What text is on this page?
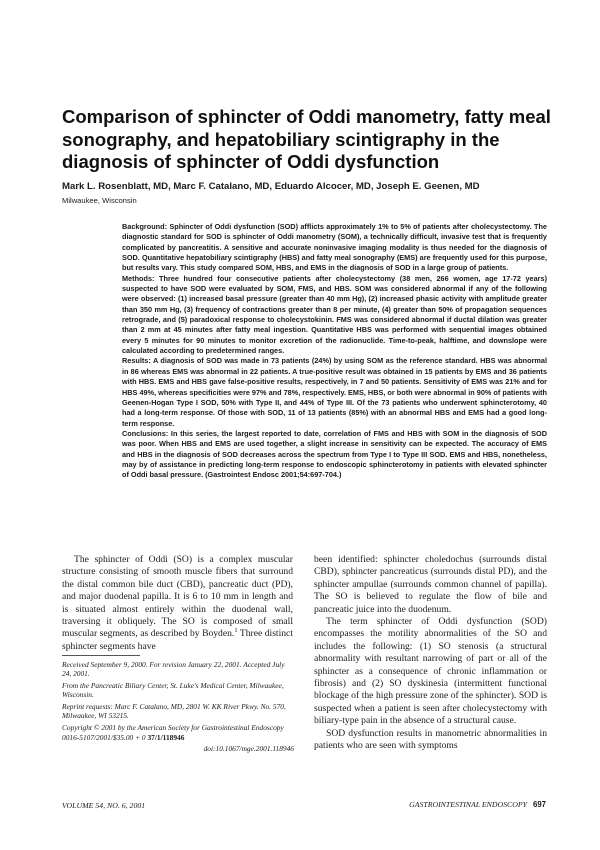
Comparison of sphincter of Oddi manometry, fatty meal sonography, and hepatobiliary scintigraphy in the diagnosis of sphincter of Oddi dysfunction

Mark L. Rosenblatt, MD, Marc F. Catalano, MD, Eduardo Alcocer, MD, Joseph E. Geenen, MD

Milwaukee, Wisconsin

Background: Sphincter of Oddi dysfunction (SOD) afflicts approximately 1% to 5% of patients after cholecystectomy. The diagnostic standard for SOD is sphincter of Oddi manometry (SOM), a technically difficult, invasive test that is frequently complicated by pancreatitis. A sensitive and accurate noninvasive imaging modality is thus needed for the diagnosis of SOD. Quantitative hepatobiliary scintigraphy (HBS) and fatty meal sonography (EMS) are frequently used for this purpose, but results vary. This study compared SOM, HBS, and EMS in the diagnosis of SOD in a large group of patients.

Methods: Three hundred four consecutive patients after cholecystectomy (38 men, 266 women, age 17-72 years) suspected to have SOD were evaluated by SOM, FMS, and HBS. SOM was considered abnormal if any of the following were observed: (1) increased basal pressure (greater than 40 mm Hg), (2) increased phasic activity with amplitude greater than 350 mm Hg, (3) frequency of contractions greater than 8 per minute, (4) greater than 50% of propagation sequences retrograde, and (5) paradoxical response to cholecystokinin. FMS was considered abnormal if ductal dilation was greater than 2 mm at 45 minutes after fatty meal ingestion. Quantitative HBS was performed with sequential images obtained every 5 minutes for 90 minutes to monitor excretion of the radionuclide. Time-to-peak, halftime, and downslope were calculated according to predetermined ranges.

Results: A diagnosis of SOD was made in 73 patients (24%) by using SOM as the reference standard. HBS was abnormal in 86 whereas EMS was abnormal in 22 patients. A true-positive result was obtained in 15 patients by EMS and 36 patients with HBS. EMS and HBS gave false-positive results, respectively, in 7 and 50 patients. Sensitivity of EMS was 21% and for HBS 49%, whereas specificities were 97% and 78%, respectively. EMS, HBS, or both were abnormal in 90% of patients with Geenen-Hogan Type I SOD, 50% with Type II, and 44% of Type III. Of the 73 patients who underwent sphincterotomy, 40 had a long-term response. Of those with SOD, 11 of 13 patients (85%) with an abnormal HBS and EMS had a good long-term response.

Conclusions: In this series, the largest reported to date, correlation of FMS and HBS with SOM in the diagnosis of SOD was poor. When HBS and EMS are used together, a slight increase in sensitivity can be expected. The accuracy of EMS and HBS in the diagnosis of SOD decreases across the spectrum from Type I to Type III SOD. EMS and HBS, nonetheless, may by of assistance in predicting long-term response to endoscopic sphincterotomy in patients with elevated sphincter of Oddi basal pressure. (Gastrointest Endosc 2001;54:697-704.)

The sphincter of Oddi (SO) is a complex muscular structure consisting of smooth muscle fibers that surround the distal common bile duct (CBD), pancreatic duct (PD), and major duodenal papilla. It is 6 to 10 mm in length and is situated almost entirely within the duodenal wall, traversing it obliquely. The SO is composed of small muscular segments, as described by Boyden.$^1$ Three distinct sphincter segments have

Received September 9, 2000. For revision January 22, 2001. Accepted July 24, 2001.

From the Pancreatic Biliary Center, St. Luke's Medical Center, Milwaukee, Wisconsin.

Reprint requests: Marc F. Catalano, MD, 2801 W. KK River Pkwy. No. 570, Milwaukee, WI 53215.

Copyright © 2001 by the American Society for Gastrointestinal Endoscopy 0016-5107/2001/$35.00 + 0 37/1/118946

doi:10.1067/mge.2001.118946

been identified: sphincter choledochus (surrounds distal CBD), sphincter pancreaticus (surrounds distal PD), and the sphincter ampullae (surrounds common channel of papilla). The SO is believed to regulate the flow of bile and pancreatic juice into the duodenum.

The term sphincter of Oddi dysfunction (SOD) encompasses the motility abnormalities of the SO and includes the following: (1) SO stenosis (a structural abnormality with resultant narrowing of part or all of the sphincter as a consequence of chronic inflammation or fibrosis) and (2) SO dyskinesia (intermittent functional blockage of the high pressure zone of the sphincter). SOD is suspected when a patient is seen after cholecystectomy with biliary-type pain in the absence of a structural cause.

SOD dysfunction results in manometric abnormalities in patients who are seen with symptoms

VOLUME 54, NO. 6, 2001	GASTROINTESTINAL ENDOSCOPY 697
